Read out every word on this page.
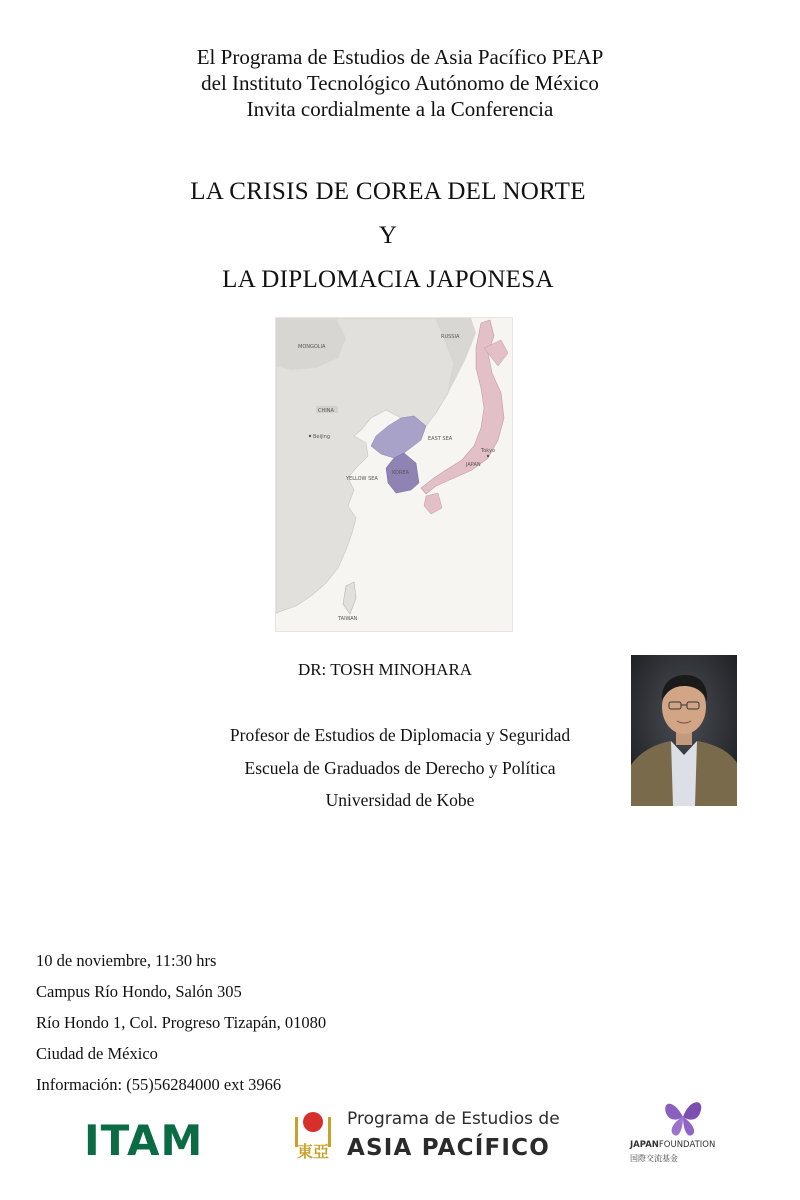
El Programa de Estudios de Asia Pacífico PEAP
del Instituto Tecnológico Autónomo de México
Invita cordialmente a la Conferencia
LA CRISIS DE COREA DEL NORTE
Y
LA DIPLOMACIA JAPONESA
RUSSIA
MONGOLIA
CHINA
Beijing
KOREA
EAST SEA
YELLOW SEA
JAPAN
Tokyo
TAIWAN
DR: TOSH MINOHARA
Profesor de Estudios de Diplomacia y Seguridad
Escuela de Graduados de Derecho y Política
Universidad de Kobe
10 de noviembre, 11:30 hrs
Campus Río Hondo, Salón 305
Río Hondo 1, Col. Progreso Tizapán, 01080
Ciudad de México
Información: (55)56284000 ext 3966
ITAM	東亞
Programa de Estudios de
ASIA PACÍFICO	JAPANFOUNDATION
国際交流基金
